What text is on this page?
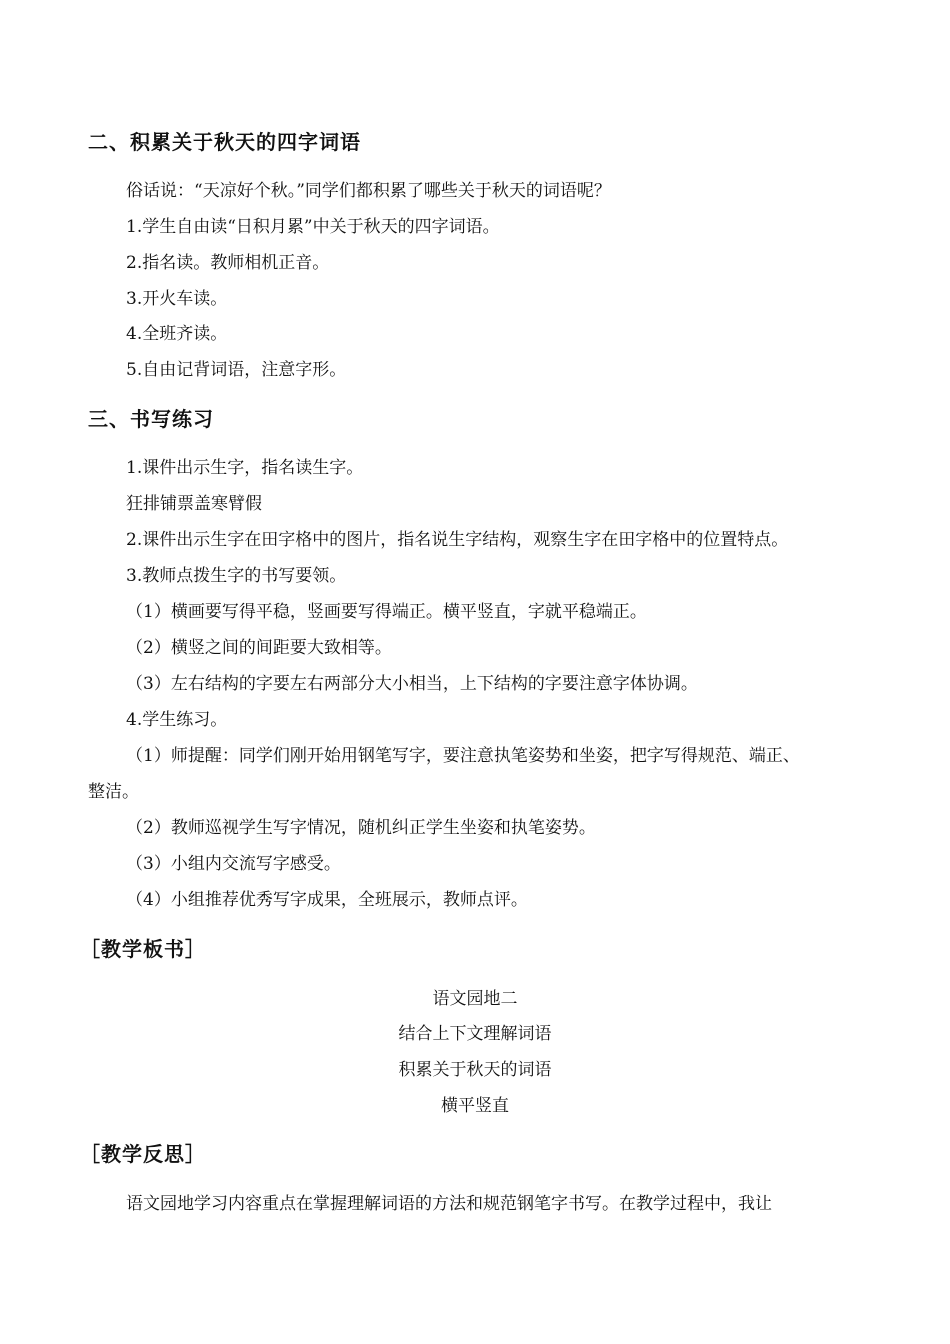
二、积累关于秋天的四字词语

俗话说：“天凉好个秋。”同学们都积累了哪些关于秋天的词语呢？

1.学生自由读“日积月累”中关于秋天的四字词语。

2.指名读。教师相机正音。

3.开火车读。

4.全班齐读。

5.自由记背词语，注意字形。

三、书写练习

1.课件出示生字，指名读生字。

狂排铺票盖寒臂假

2.课件出示生字在田字格中的图片，指名说生字结构，观察生字在田字格中的位置特点。

3.教师点拨生字的书写要领。

（1）横画要写得平稳，竖画要写得端正。横平竖直，字就平稳端正。

（2）横竖之间的间距要大致相等。

（3）左右结构的字要左右两部分大小相当，上下结构的字要注意字体协调。

4.学生练习。

（1）师提醒：同学们刚开始用钢笔写字，要注意执笔姿势和坐姿，把字写得规范、端正、

整洁。

（2）教师巡视学生写字情况，随机纠正学生坐姿和执笔姿势。

（3）小组内交流写字感受。

（4）小组推荐优秀写字成果，全班展示，教师点评。

［教学板书］

语文园地二

结合上下文理解词语

积累关于秋天的词语

横平竖直

［教学反思］

语文园地学习内容重点在掌握理解词语的方法和规范钢笔字书写。在教学过程中，我让
